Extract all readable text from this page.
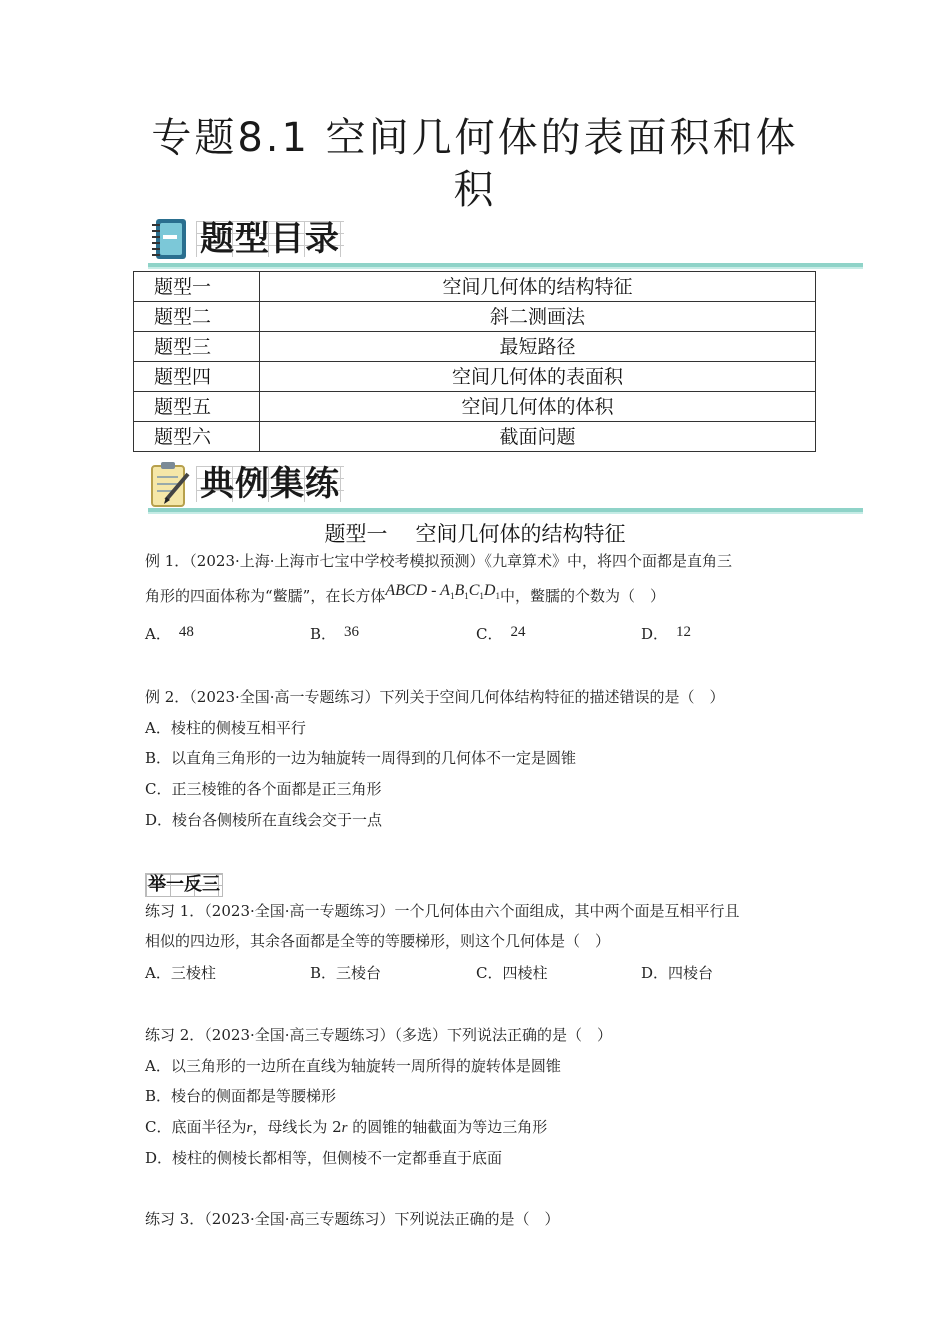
专题8.1 空间几何体的表面积和体
积
题型目录
题型一	空间几何体的结构特征
题型二	斜二测画法
题型三	最短路径
题型四	空间几何体的表面积
题型五	空间几何体的体积
题型六	截面问题
典例集练
题型一 空间几何体的结构特征
例 1．（2023·上海·上海市七宝中学校考模拟预测）《九章算术》中，将四个面都是直角三
角形的四面体称为“鳖臑”，在长方体ABCD - $A_1B_1C_1D_1$中，鳖臑的个数为（　）
A． 48	B． 36	C． 24	D． 12
例 2．（2023·全国·高一专题练习）下列关于空间几何体结构特征的描述错误的是（　）
A．棱柱的侧棱互相平行
B．以直角三角形的一边为轴旋转一周得到的几何体不一定是圆锥
C．正三棱锥的各个面都是正三角形
D．棱台各侧棱所在直线会交于一点
举一反三
练习 1．（2023·全国·高一专题练习）一个几何体由六个面组成，其中两个面是互相平行且
相似的四边形，其余各面都是全等的等腰梯形，则这个几何体是（　）
A．三棱柱	B．三棱台	C．四棱柱	D．四棱台
练习 2．（2023·全国·高三专题练习）（多选）下列说法正确的是（　）
A．以三角形的一边所在直线为轴旋转一周所得的旋转体是圆锥
B．棱台的侧面都是等腰梯形
C．底面半径为r，母线长为 2r 的圆锥的轴截面为等边三角形
D．棱柱的侧棱长都相等，但侧棱不一定都垂直于底面
练习 3．（2023·全国·高三专题练习）下列说法正确的是（　）
